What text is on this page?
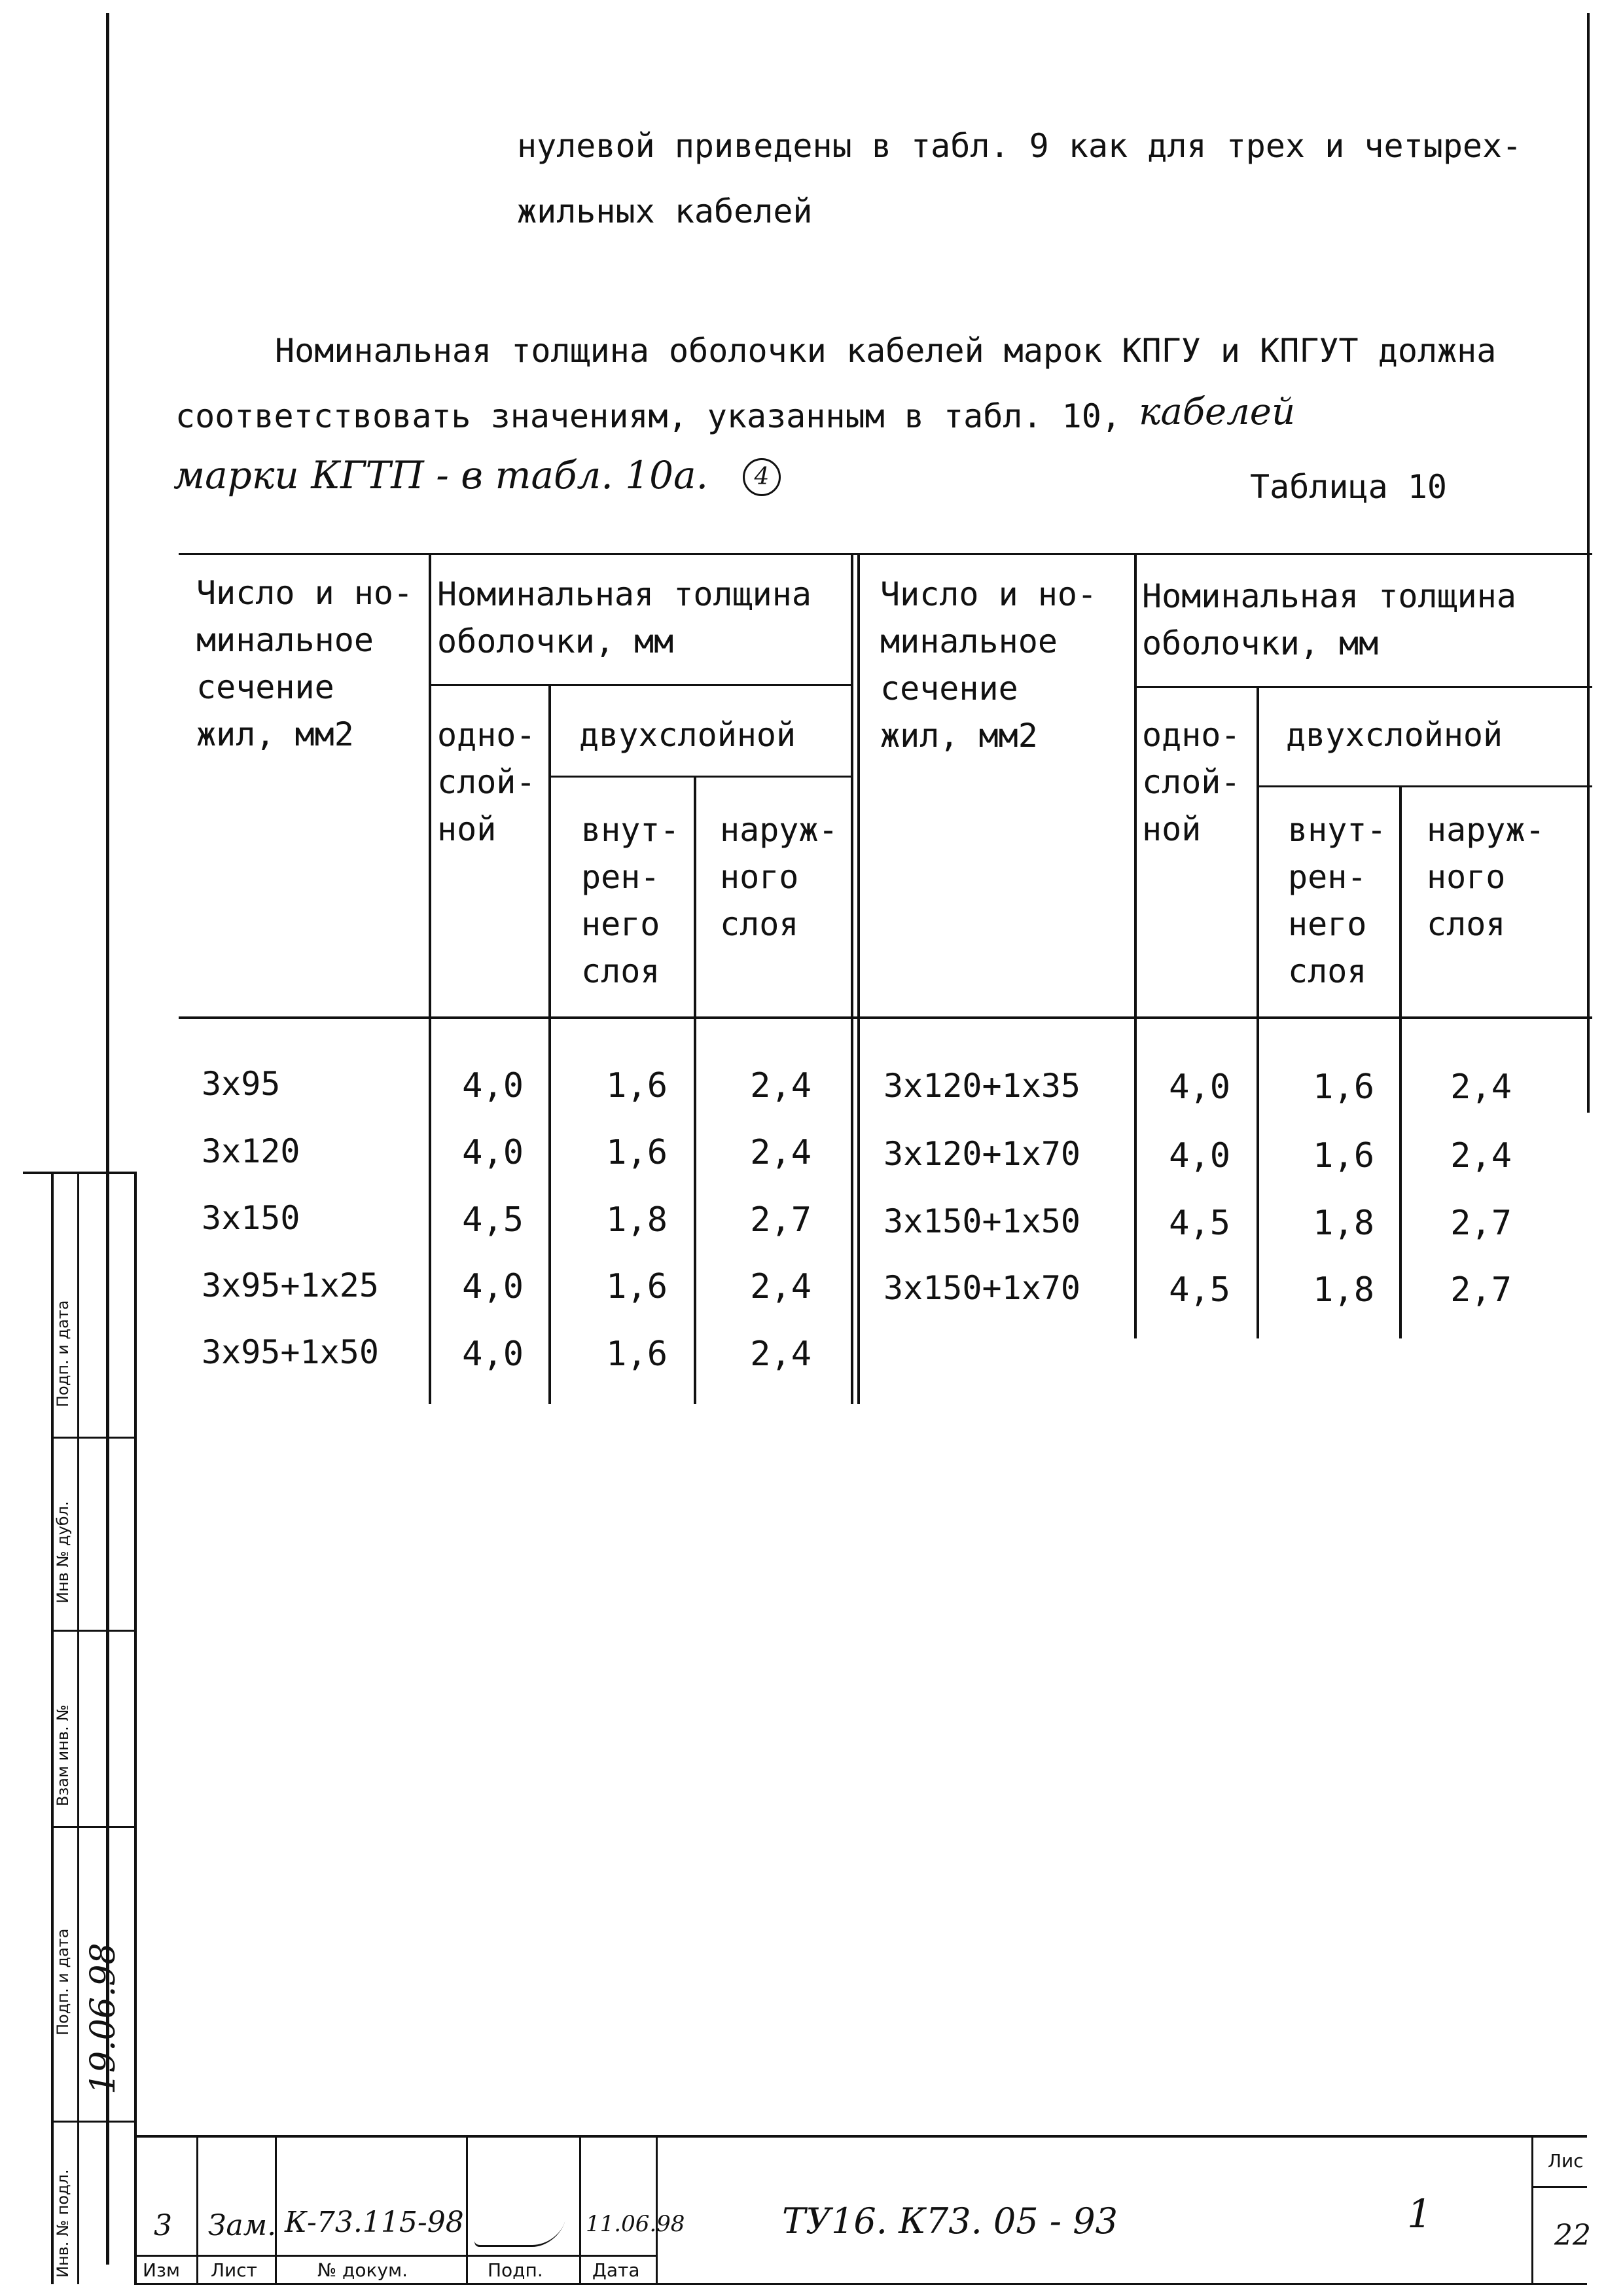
нулевой приведены в табл. 9 как для трех и четырех-
жильных кабелей
Номинальная толщина оболочки кабелей марок КПГУ и КПГУТ должна
соответствовать значениям, указанным в табл. 10, кабелей
марки КГТП - в табл. 10а.	4	Таблица 10
Число и но-
минальное
сечение
жил, мм2
Номинальная толщина
оболочки, мм
одно-
слой-
ной
двухслойной
внут-
рен-
него
слоя
наруж-
ного
слоя
Число и но-
минальное
сечение
жил, мм2
Номинальная толщина
оболочки, мм
одно-
слой-
ной
двухслойной
внут-
рен-
него
слоя
наруж-
ного
слоя
3х95	4,0	1,6	2,4
3х120	4,0	1,6	2,4
3х150	4,5	1,8	2,7
3х95+1х25	4,0	1,6	2,4
3х95+1х50	4,0	1,6	2,4
3х120+1х35	4,0	1,6	2,4
3х120+1х70	4,0	1,6	2,4
3х150+1х50	4,5	1,8	2,7
3х150+1х70	4,5	1,8	2,7
Подп. и дата
Инв № дубл.
Взам инв. №
Подп. и дата
Инв. № подл.
19.06.98
3 Зам. К-73.115-98	11.06.98
Изм Лист	№ докум.	Подп.	Дата
ТУ16. К73. 05 - 93	1
Лис
22
